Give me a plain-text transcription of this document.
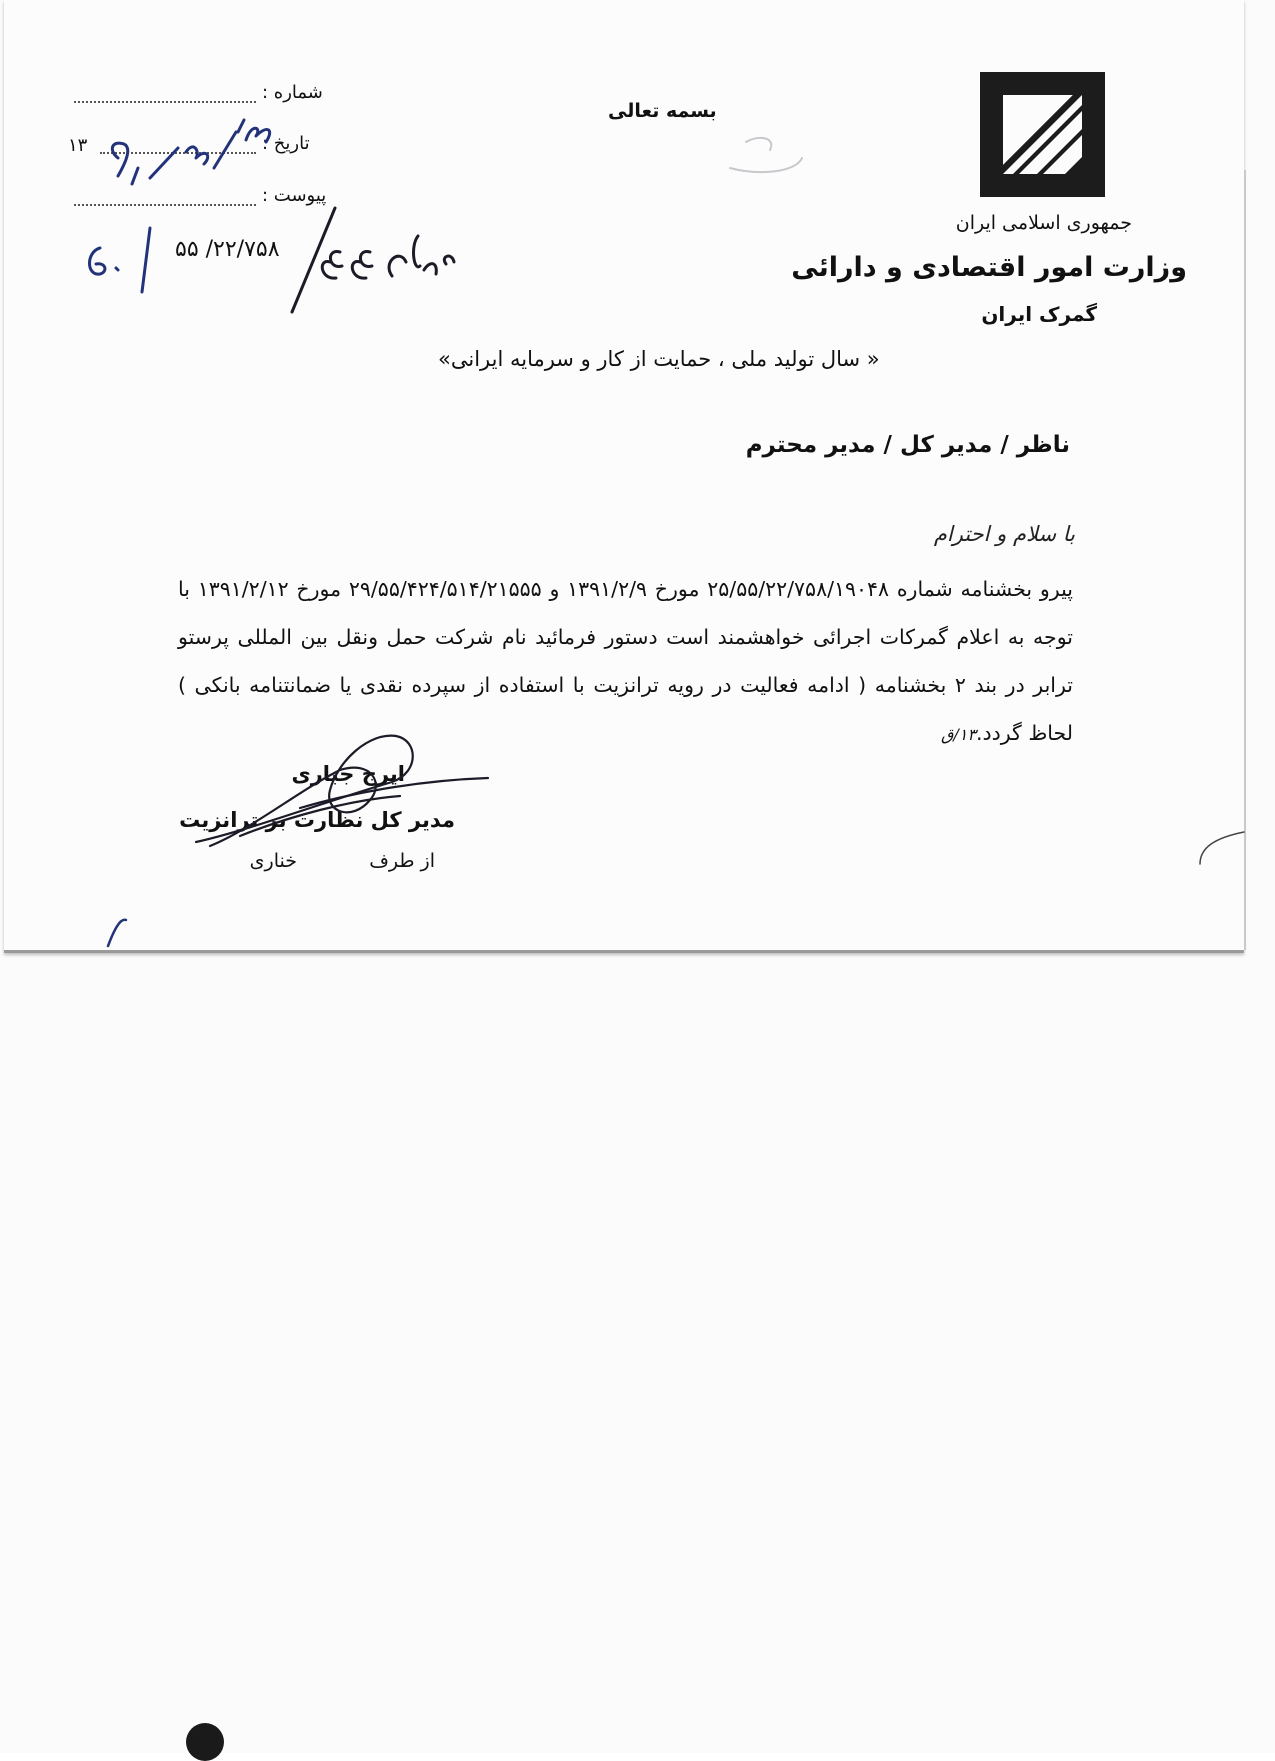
جمهوری اسلامی ایران
وزارت امور اقتصادی و دارائی
گمرک ایران
بسمه تعالی
شماره :
تاریخ :
۱۳
پیوست :
۵۵ /۲۲/۷۵۸
« سال تولید ملی ، حمایت از کار و سرمایه ایرانی»
ناظر / مدیر کل / مدیر محترم
با سلام و احترام
پیرو بخشنامه شماره ۲۵/۵۵/۲۲/۷۵۸/۱۹۰۴۸ مورخ ۱۳۹۱/۲/۹ و ۲۹/۵۵/۴۲۴/۵۱۴/۲۱۵۵۵ مورخ ۱۳۹۱/۲/۱۲ با توجه به اعلام گمرکات اجرائی خواهشمند است دستور فرمائید نام شرکت حمل ونقل بین المللی پرستو ترابر در بند ۲ بخشنامه ( ادامه فعالیت در رویه ترانزیت با استفاده از سپرده نقدی یا ضمانتنامه بانکی ) لحاظ گردد.۱۳/ق
ایرج جباری
مدیر کل نظارت بر ترانزیت
از طرف
خناری
